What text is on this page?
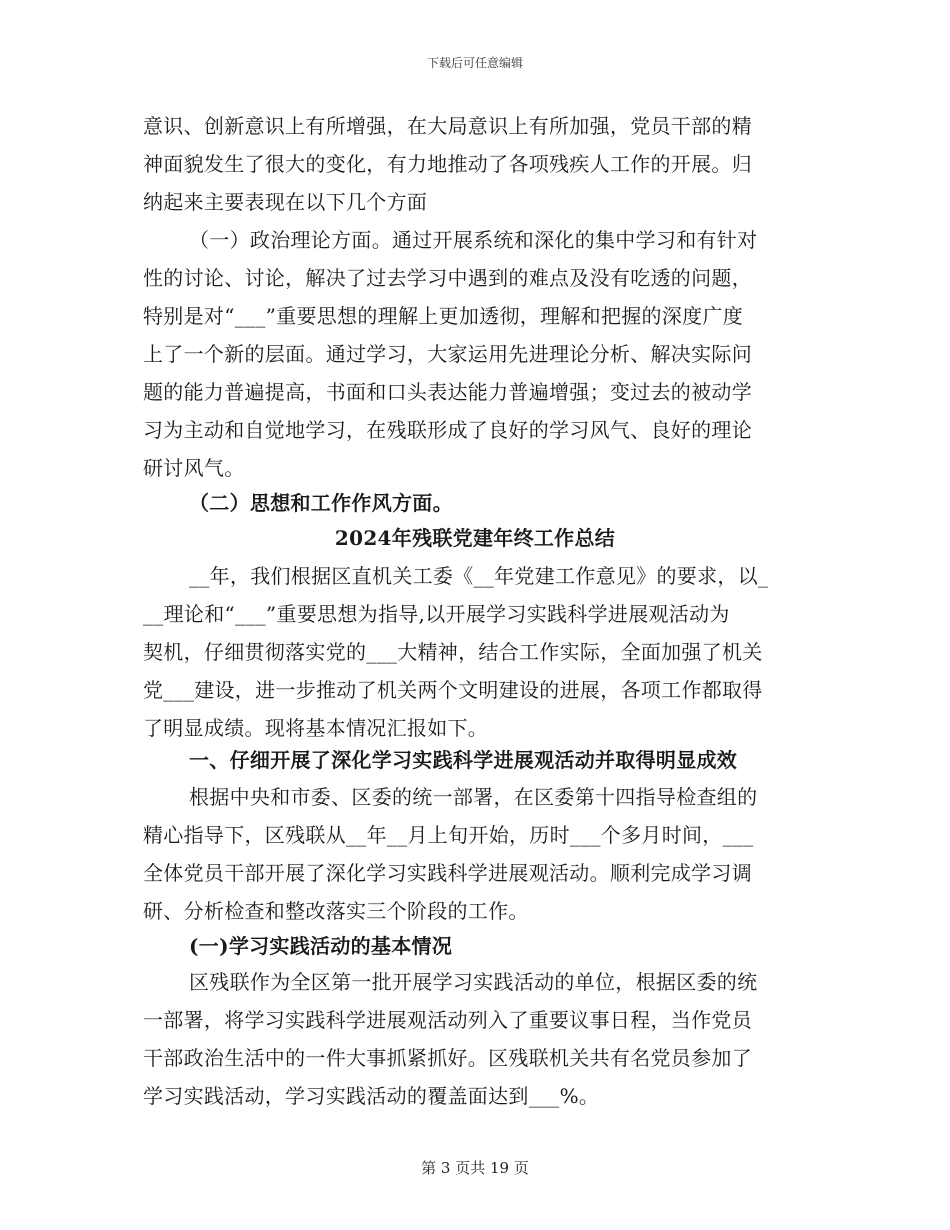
下载后可任意编辑
意识、创新意识上有所增强，在大局意识上有所加强，党员干部的精
神面貌发生了很大的变化，有力地推动了各项残疾人工作的开展。归
纳起来主要表现在以下几个方面
（一）政治理论方面。通过开展系统和深化的集中学习和有针对
性的讨论、讨论，解决了过去学习中遇到的难点及没有吃透的问题，
特别是对“___”重要思想的理解上更加透彻，理解和把握的深度广度
上了一个新的层面。通过学习，大家运用先进理论分析、解决实际问
题的能力普遍提高，书面和口头表达能力普遍增强；变过去的被动学
习为主动和自觉地学习，在残联形成了良好的学习风气、良好的理论
研讨风气。
（二）思想和工作作风方面。
2024年残联党建年终工作总结
__年，我们根据区直机关工委《__年党建工作意见》的要求，以_
__理论和“___”重要思想为指导,以开展学习实践科学进展观活动为
契机，仔细贯彻落实党的___大精神，结合工作实际，全面加强了机关
党___建设，进一步推动了机关两个文明建设的进展，各项工作都取得
了明显成绩。现将基本情况汇报如下。
一、仔细开展了深化学习实践科学进展观活动并取得明显成效
根据中央和市委、区委的统一部署，在区委第十四指导检查组的
精心指导下，区残联从__年__月上旬开始，历时___个多月时间，___
全体党员干部开展了深化学习实践科学进展观活动。顺利完成学习调
研、分析检查和整改落实三个阶段的工作。
(一)学习实践活动的基本情况
区残联作为全区第一批开展学习实践活动的单位，根据区委的统
一部署，将学习实践科学进展观活动列入了重要议事日程，当作党员
干部政治生活中的一件大事抓紧抓好。区残联机关共有名党员参加了
学习实践活动，学习实践活动的覆盖面达到___%。
第 3 页共 19 页
